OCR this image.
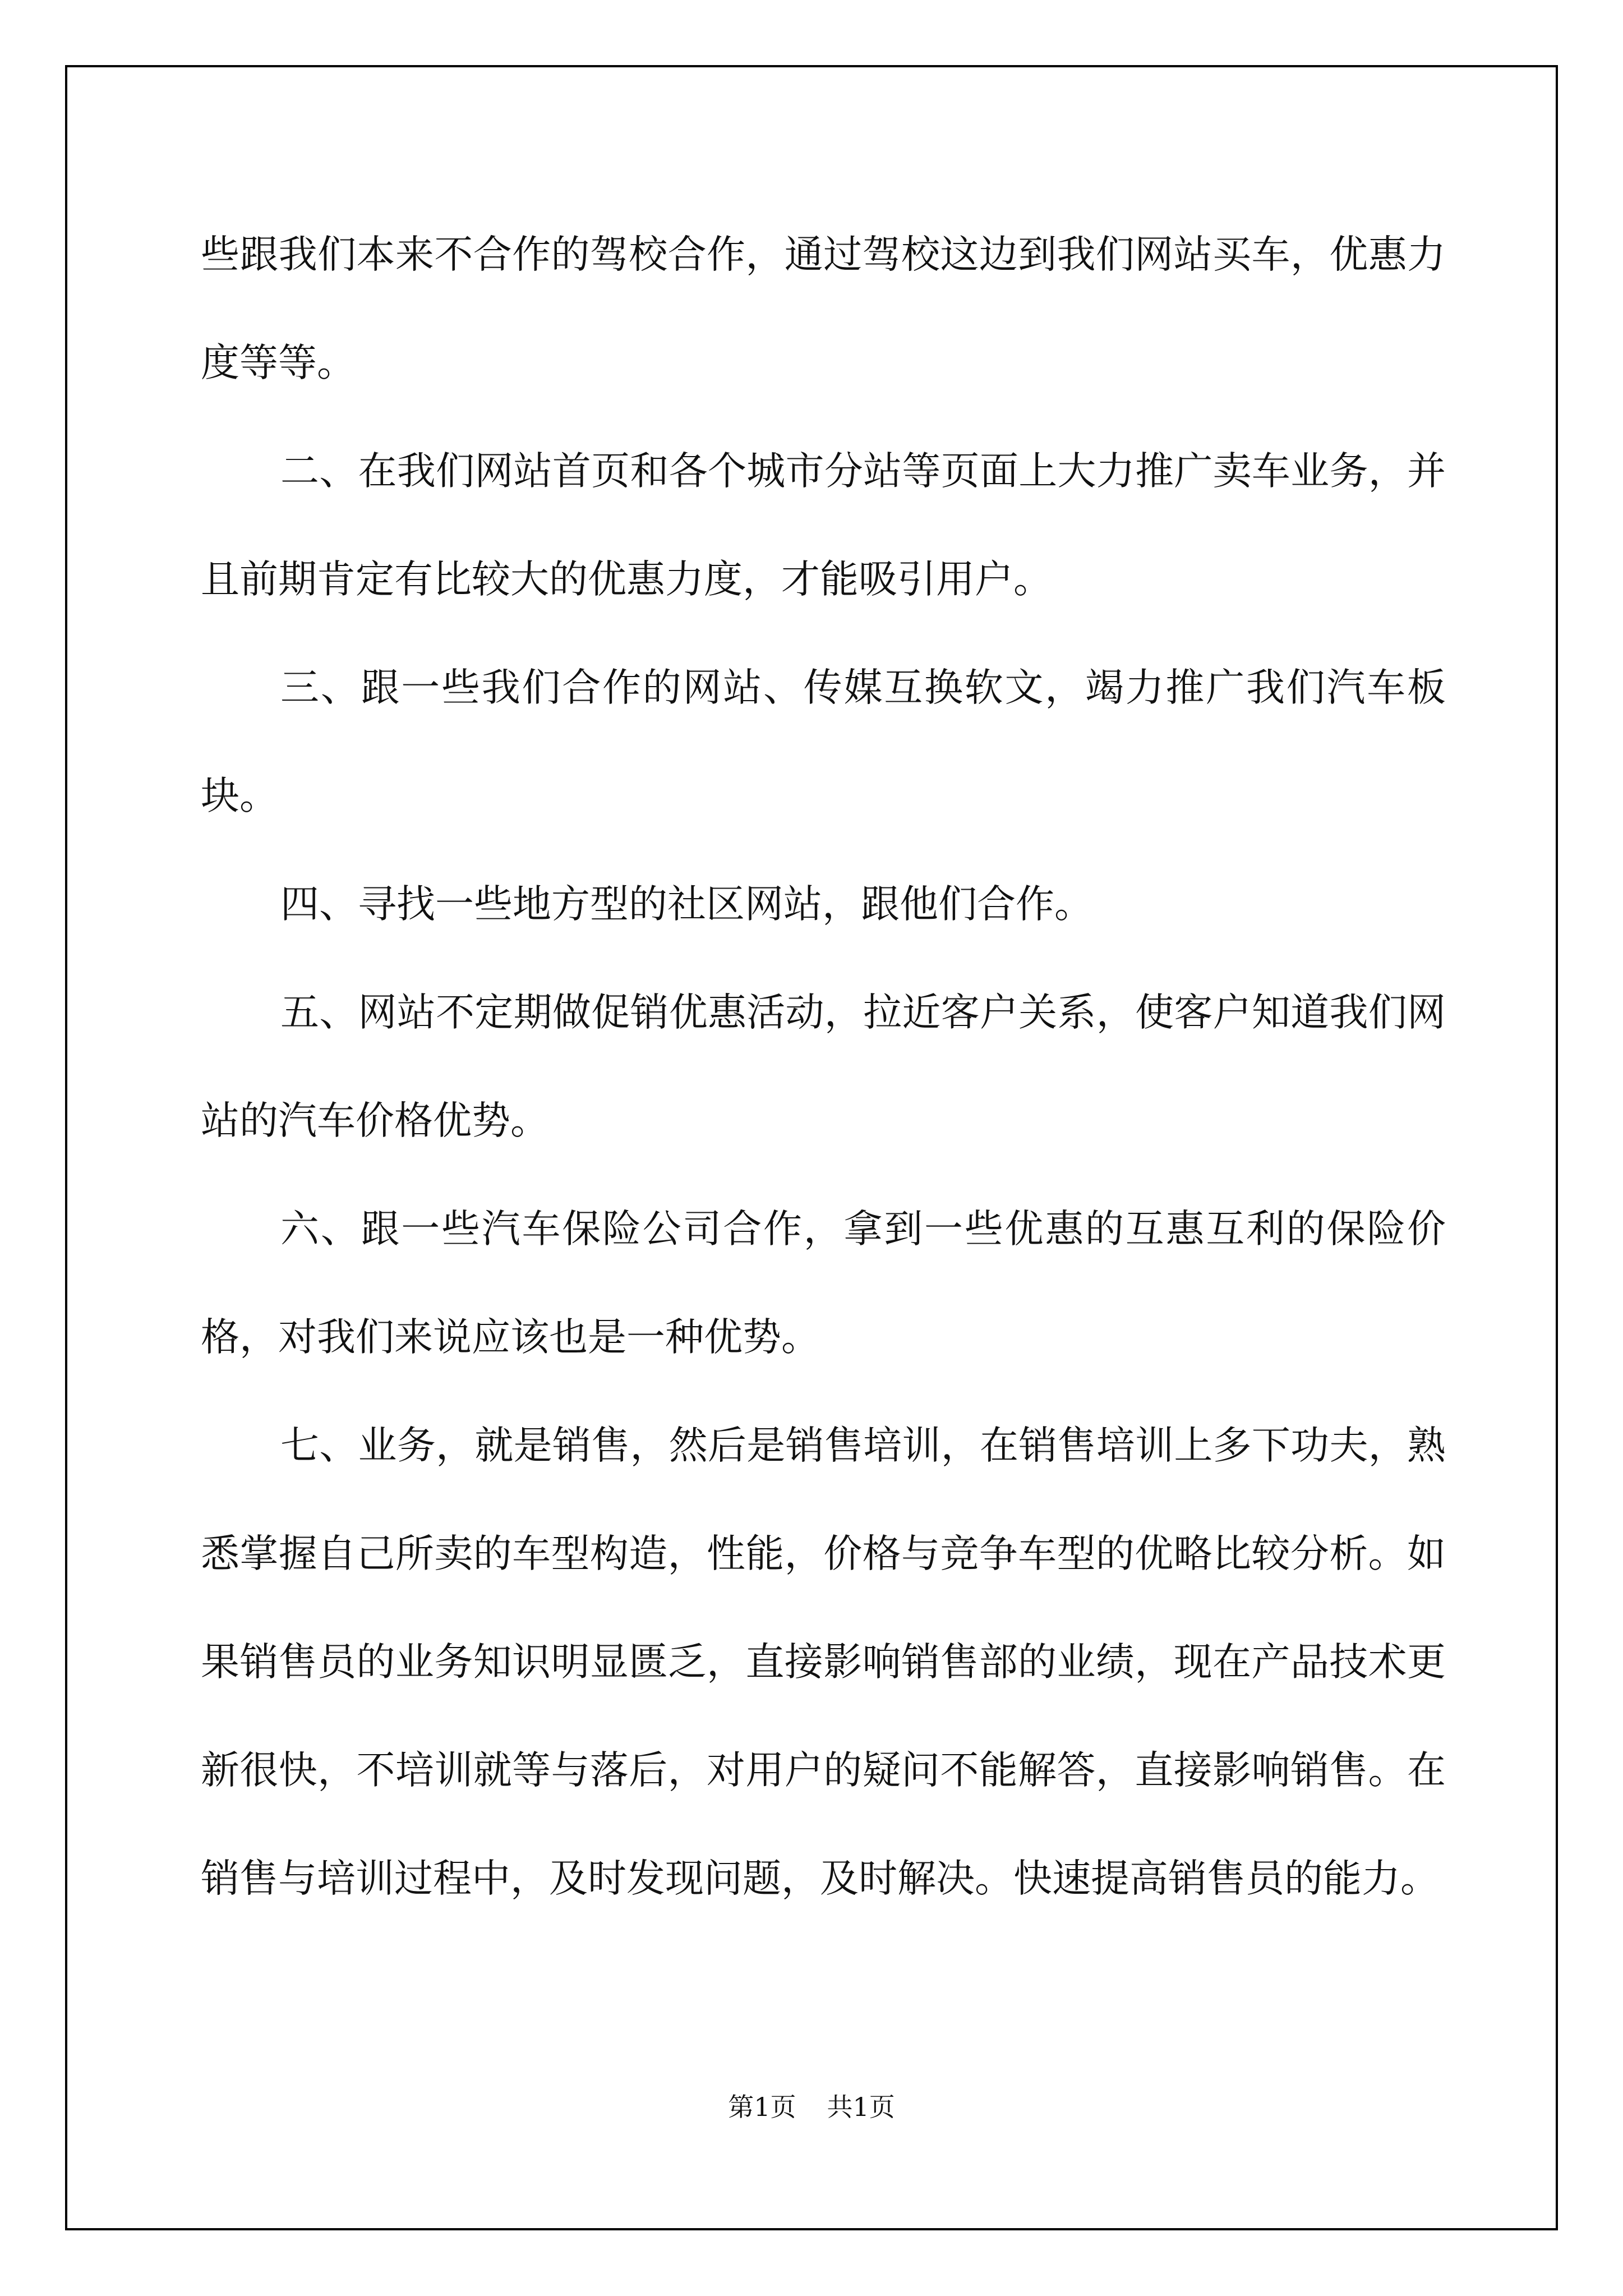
些跟我们本来不合作的驾校合作，通过驾校这边到我们网站买车，优惠力度等等。

二、在我们网站首页和各个城市分站等页面上大力推广卖车业务，并且前期肯定有比较大的优惠力度，才能吸引用户。

三、跟一些我们合作的网站、传媒互换软文，竭力推广我们汽车板块。

四、寻找一些地方型的社区网站，跟他们合作。

五、网站不定期做促销优惠活动，拉近客户关系，使客户知道我们网站的汽车价格优势。

六、跟一些汽车保险公司合作，拿到一些优惠的互惠互利的保险价格，对我们来说应该也是一种优势。

七、业务，就是销售，然后是销售培训，在销售培训上多下功夫，熟悉掌握自己所卖的车型构造，性能，价格与竞争车型的优略比较分析。如果销售员的业务知识明显匮乏，直接影响销售部的业绩，现在产品技术更新很快，不培训就等与落后，对用户的疑问不能解答，直接影响销售。在销售与培训过程中，及时发现问题，及时解决。快速提高销售员的能力。

第1页 共1页
